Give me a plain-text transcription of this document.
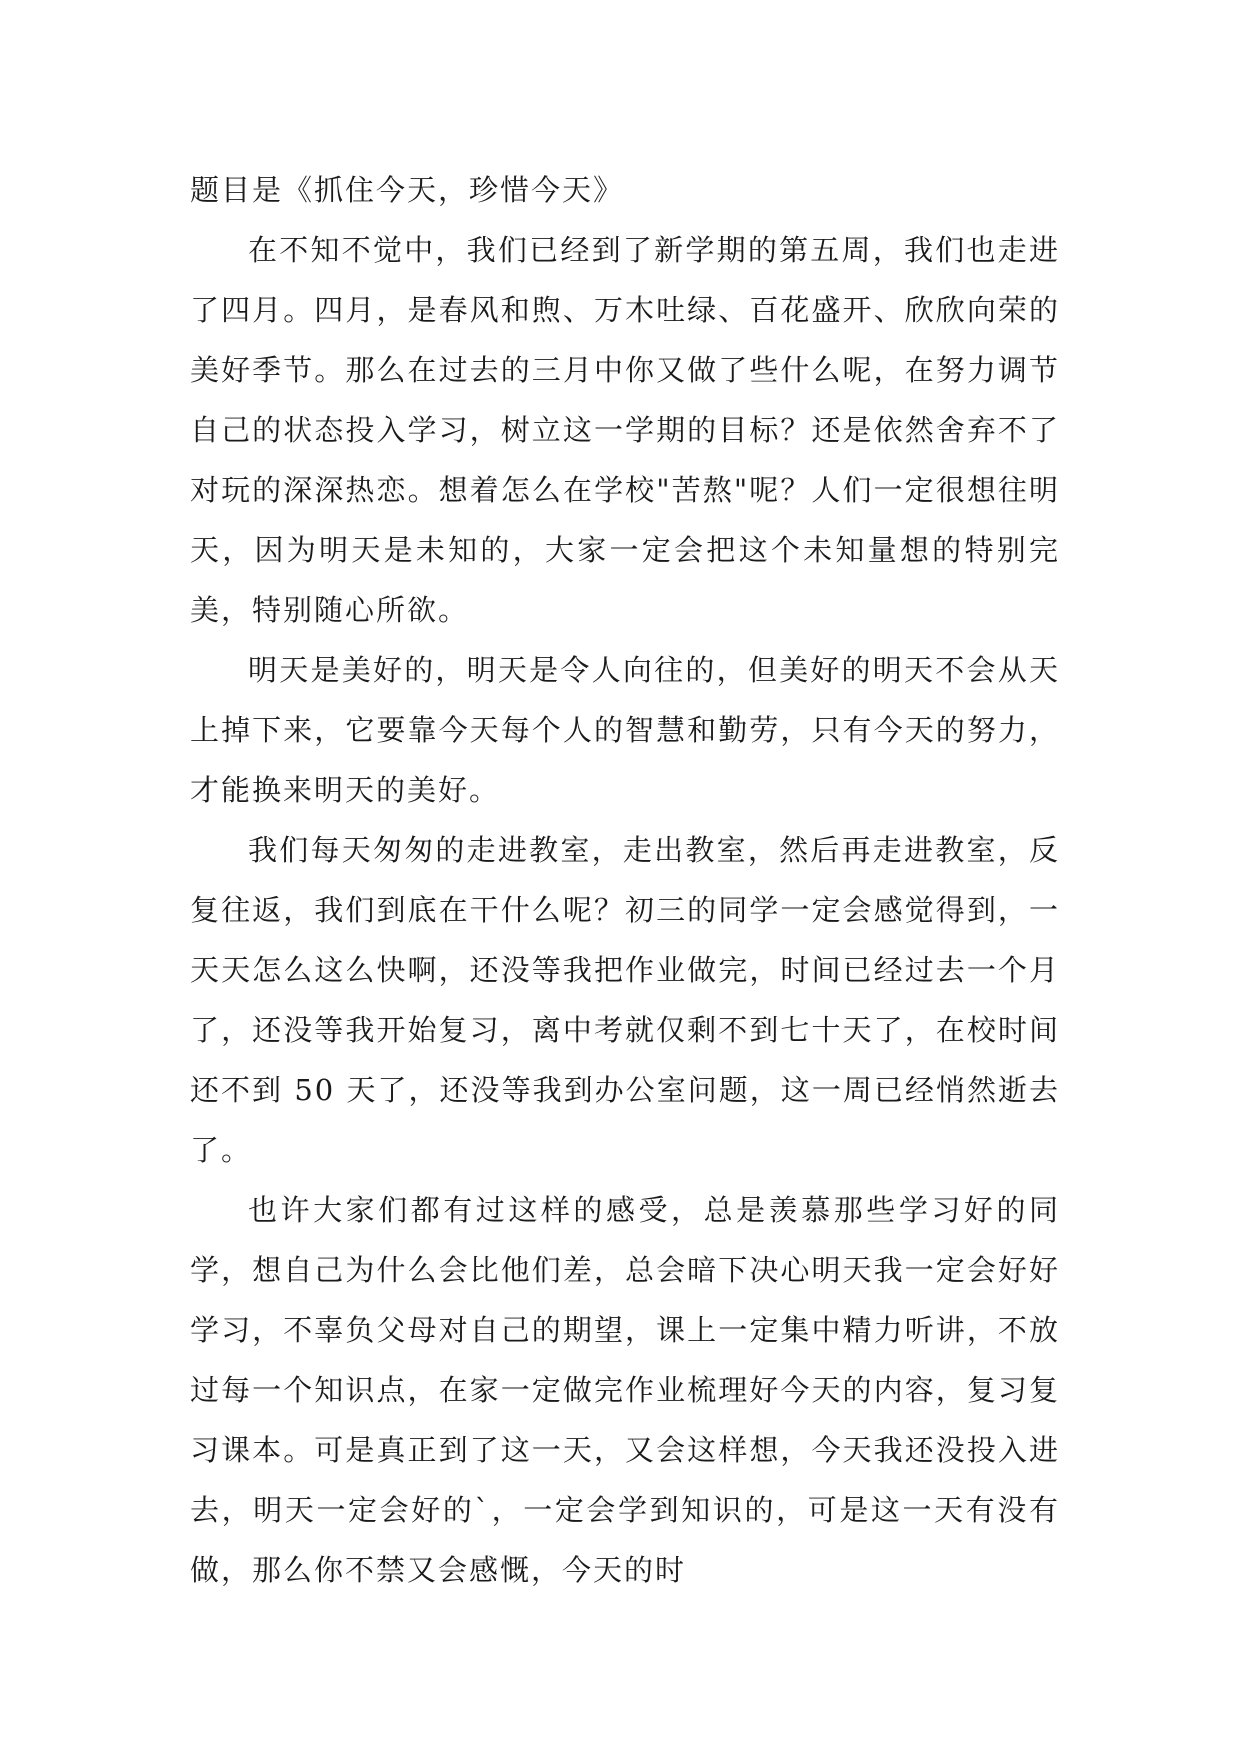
题目是《抓住今天，珍惜今天》

在不知不觉中，我们已经到了新学期的第五周，我们也走进了四月。四月，是春风和煦、万木吐绿、百花盛开、欣欣向荣的美好季节。那么在过去的三月中你又做了些什么呢，在努力调节自己的状态投入学习，树立这一学期的目标？还是依然舍弃不了对玩的深深热恋。想着怎么在学校"苦熬"呢？人们一定很想往明天，因为明天是未知的，大家一定会把这个未知量想的特别完美，特别随心所欲。

明天是美好的，明天是令人向往的，但美好的明天不会从天上掉下来，它要靠今天每个人的智慧和勤劳，只有今天的努力，才能换来明天的美好。

我们每天匆匆的走进教室，走出教室，然后再走进教室，反复往返，我们到底在干什么呢？初三的同学一定会感觉得到，一天天怎么这么快啊，还没等我把作业做完，时间已经过去一个月了，还没等我开始复习，离中考就仅剩不到七十天了，在校时间还不到 50 天了，还没等我到办公室问题，这一周已经悄然逝去了。

也许大家们都有过这样的感受，总是羡慕那些学习好的同学，想自己为什么会比他们差，总会暗下决心明天我一定会好好学习，不辜负父母对自己的期望，课上一定集中精力听讲，不放过每一个知识点，在家一定做完作业梳理好今天的内容，复习复习课本。可是真正到了这一天，又会这样想，今天我还没投入进去，明天一定会好的`，一定会学到知识的，可是这一天有没有做，那么你不禁又会感慨，今天的时
